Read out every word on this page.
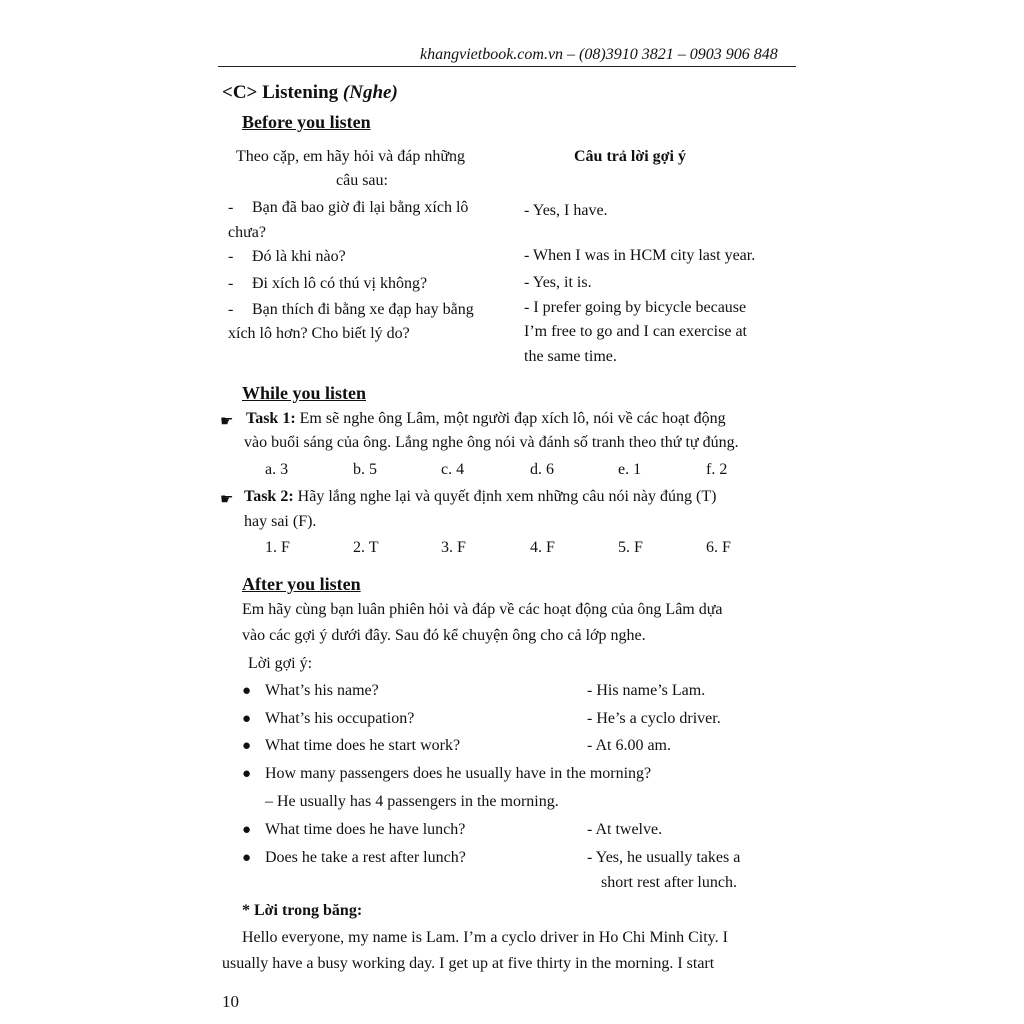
khangvietbook.com.vn – (08)3910 3821 – 0903 906 848
<C> Listening (Nghe)
Before you listen
Theo cặp, em hãy hỏi và đáp những
câu sau:
Câu trả lời gợi ý
- Bạn đã bao giờ đi lại bằng xích lô
chưa?
- Yes, I have.
- Đó là khi nào?	- When I was in HCM city last year.
- Đi xích lô có thú vị không?	- Yes, it is.
- Bạn thích đi bằng xe đạp hay bằng
xích lô hơn? Cho biết lý do?
- I prefer going by bicycle because
I’m free to go and I can exercise at
the same time.
While you listen
☛ Task 1: Em sẽ nghe ông Lâm, một người đạp xích lô, nói về các hoạt động
vào buổi sáng của ông. Lắng nghe ông nói và đánh số tranh theo thứ tự đúng.
a. 3	b. 5	c. 4	d. 6	e. 1	f. 2
☛ Task 2: Hãy lắng nghe lại và quyết định xem những câu nói này đúng (T)
hay sai (F).
1. F	2. T	3. F	4. F	5. F	6. F
After you listen
Em hãy cùng bạn luân phiên hỏi và đáp về các hoạt động của ông Lâm dựa
vào các gợi ý dưới đây. Sau đó kể chuyện ông cho cả lớp nghe.
Lời gợi ý:
● What’s his name?	- His name’s Lam.
● What’s his occupation?	- He’s a cyclo driver.
● What time does he start work?	- At 6.00 am.
● How many passengers does he usually have in the morning?
– He usually has 4 passengers in the morning.
● What time does he have lunch?	- At twelve.
● Does he take a rest after lunch?	- Yes, he usually takes a
short rest after lunch.
* Lời trong băng:
Hello everyone, my name is Lam. I’m a cyclo driver in Ho Chi Minh City. I
usually have a busy working day. I get up at five thirty in the morning. I start
10
